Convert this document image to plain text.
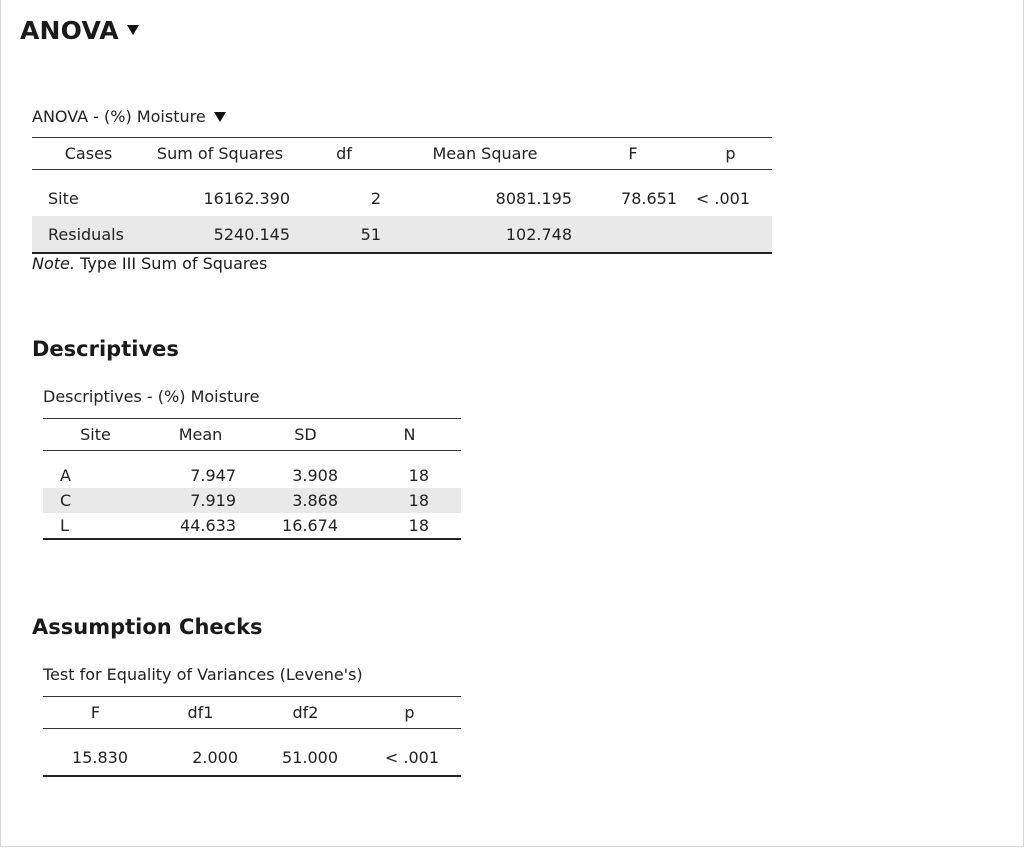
ANOVA
ANOVA - (%) Moisture
Cases	Sum of Squares	df	Mean Square	F	p

Site	16162.390	2	8081.195	78.651	< .001
Residuals	5240.145	51	102.748		
Note. Type III Sum of Squares
Descriptives
Descriptives - (%) Moisture
Site	Mean	SD	N

A	7.947	3.908	18
C	7.919	3.868	18
L	44.633	16.674	18
Assumption Checks
Test for Equality of Variances (Levene's)
F	df1	df2	p

15.830	2.000	51.000	< .001
